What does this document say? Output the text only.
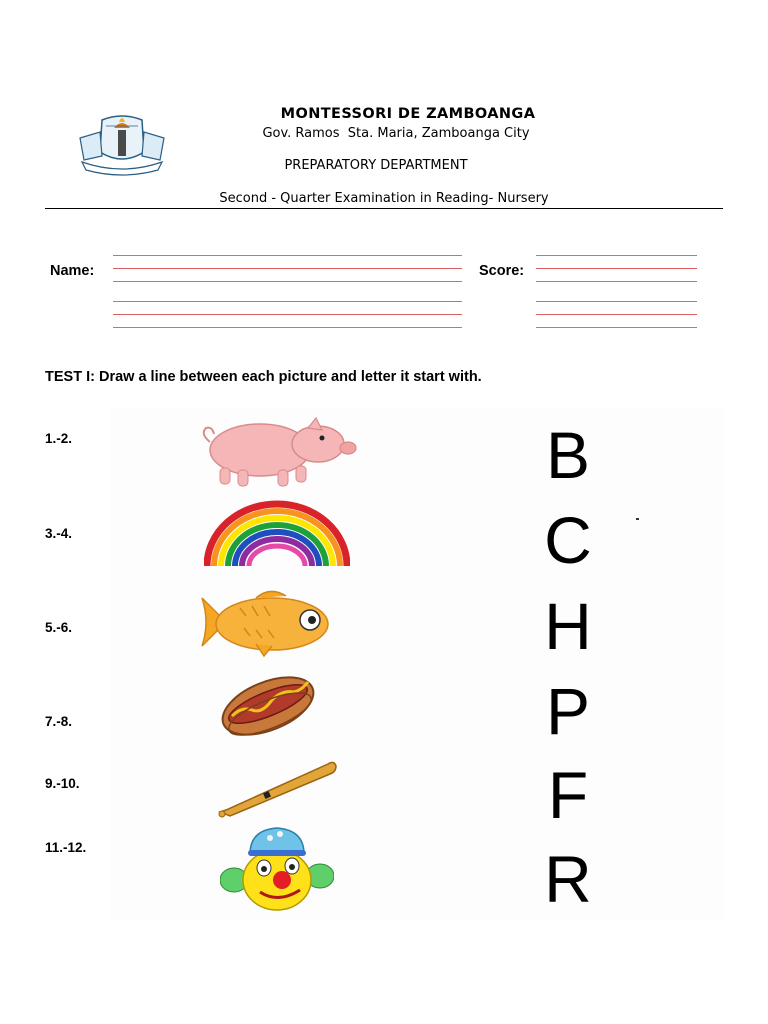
MONTESSORI DE ZAMBOANGA
Gov. Ramos  Sta. Maria, Zamboanga City
PREPARATORY DEPARTMENT
Second - Quarter Examination in Reading- Nursery
Name:	Score:
TEST I: Draw a line between each picture and letter it start with.
1.-2.
3.-4.
5.-6.
7.-8.
9.-10.
11.-12.
B
C
H
P
F
R
